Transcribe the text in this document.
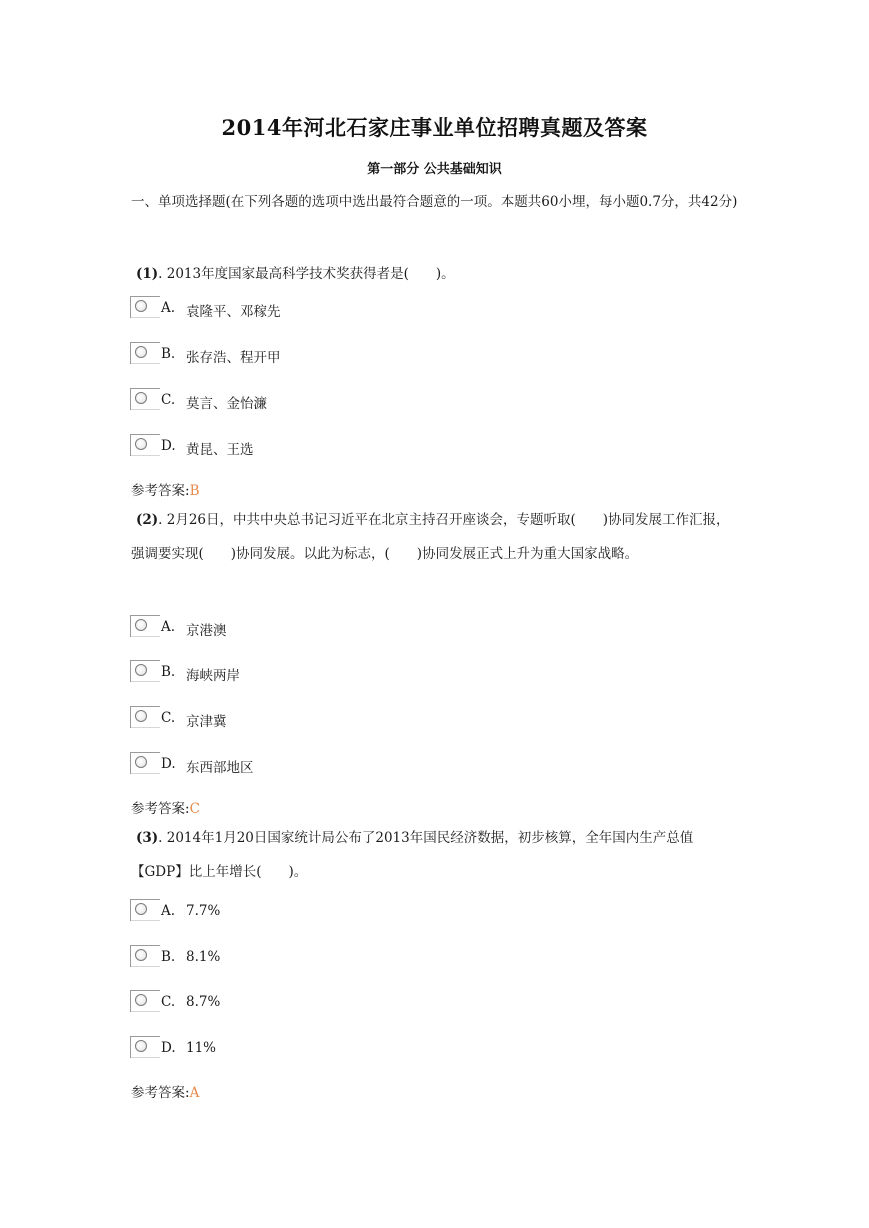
2014年河北石家庄事业单位招聘真题及答案
第一部分 公共基础知识
一、单项选择题(在下列各题的选项中选出最符合题意的一项。本题共60小埋，每小题0.7分，共42分)
(1). 2013年度国家最高科学技术奖获得者是(　　)。
A. 袁隆平、邓稼先
B. 张存浩、程开甲
C. 莫言、金怡濂
D. 黄昆、王选
参考答案:B
(2). 2月26日，中共中央总书记习近平在北京主持召开座谈会，专题听取(　　)协同发展工作汇报，强调要实现(　　)协同发展。以此为标志，(　　)协同发展正式上升为重大国家战略。
A. 京港澳
B. 海峡两岸
C. 京津冀
D. 东西部地区
参考答案:C
(3). 2014年1月20日国家统计局公布了2013年国民经济数据，初步核算，全年国内生产总值【GDP】比上年增长(　　)。
A. 7.7%
B. 8.1%
C. 8.7%
D. 11%
参考答案:A
